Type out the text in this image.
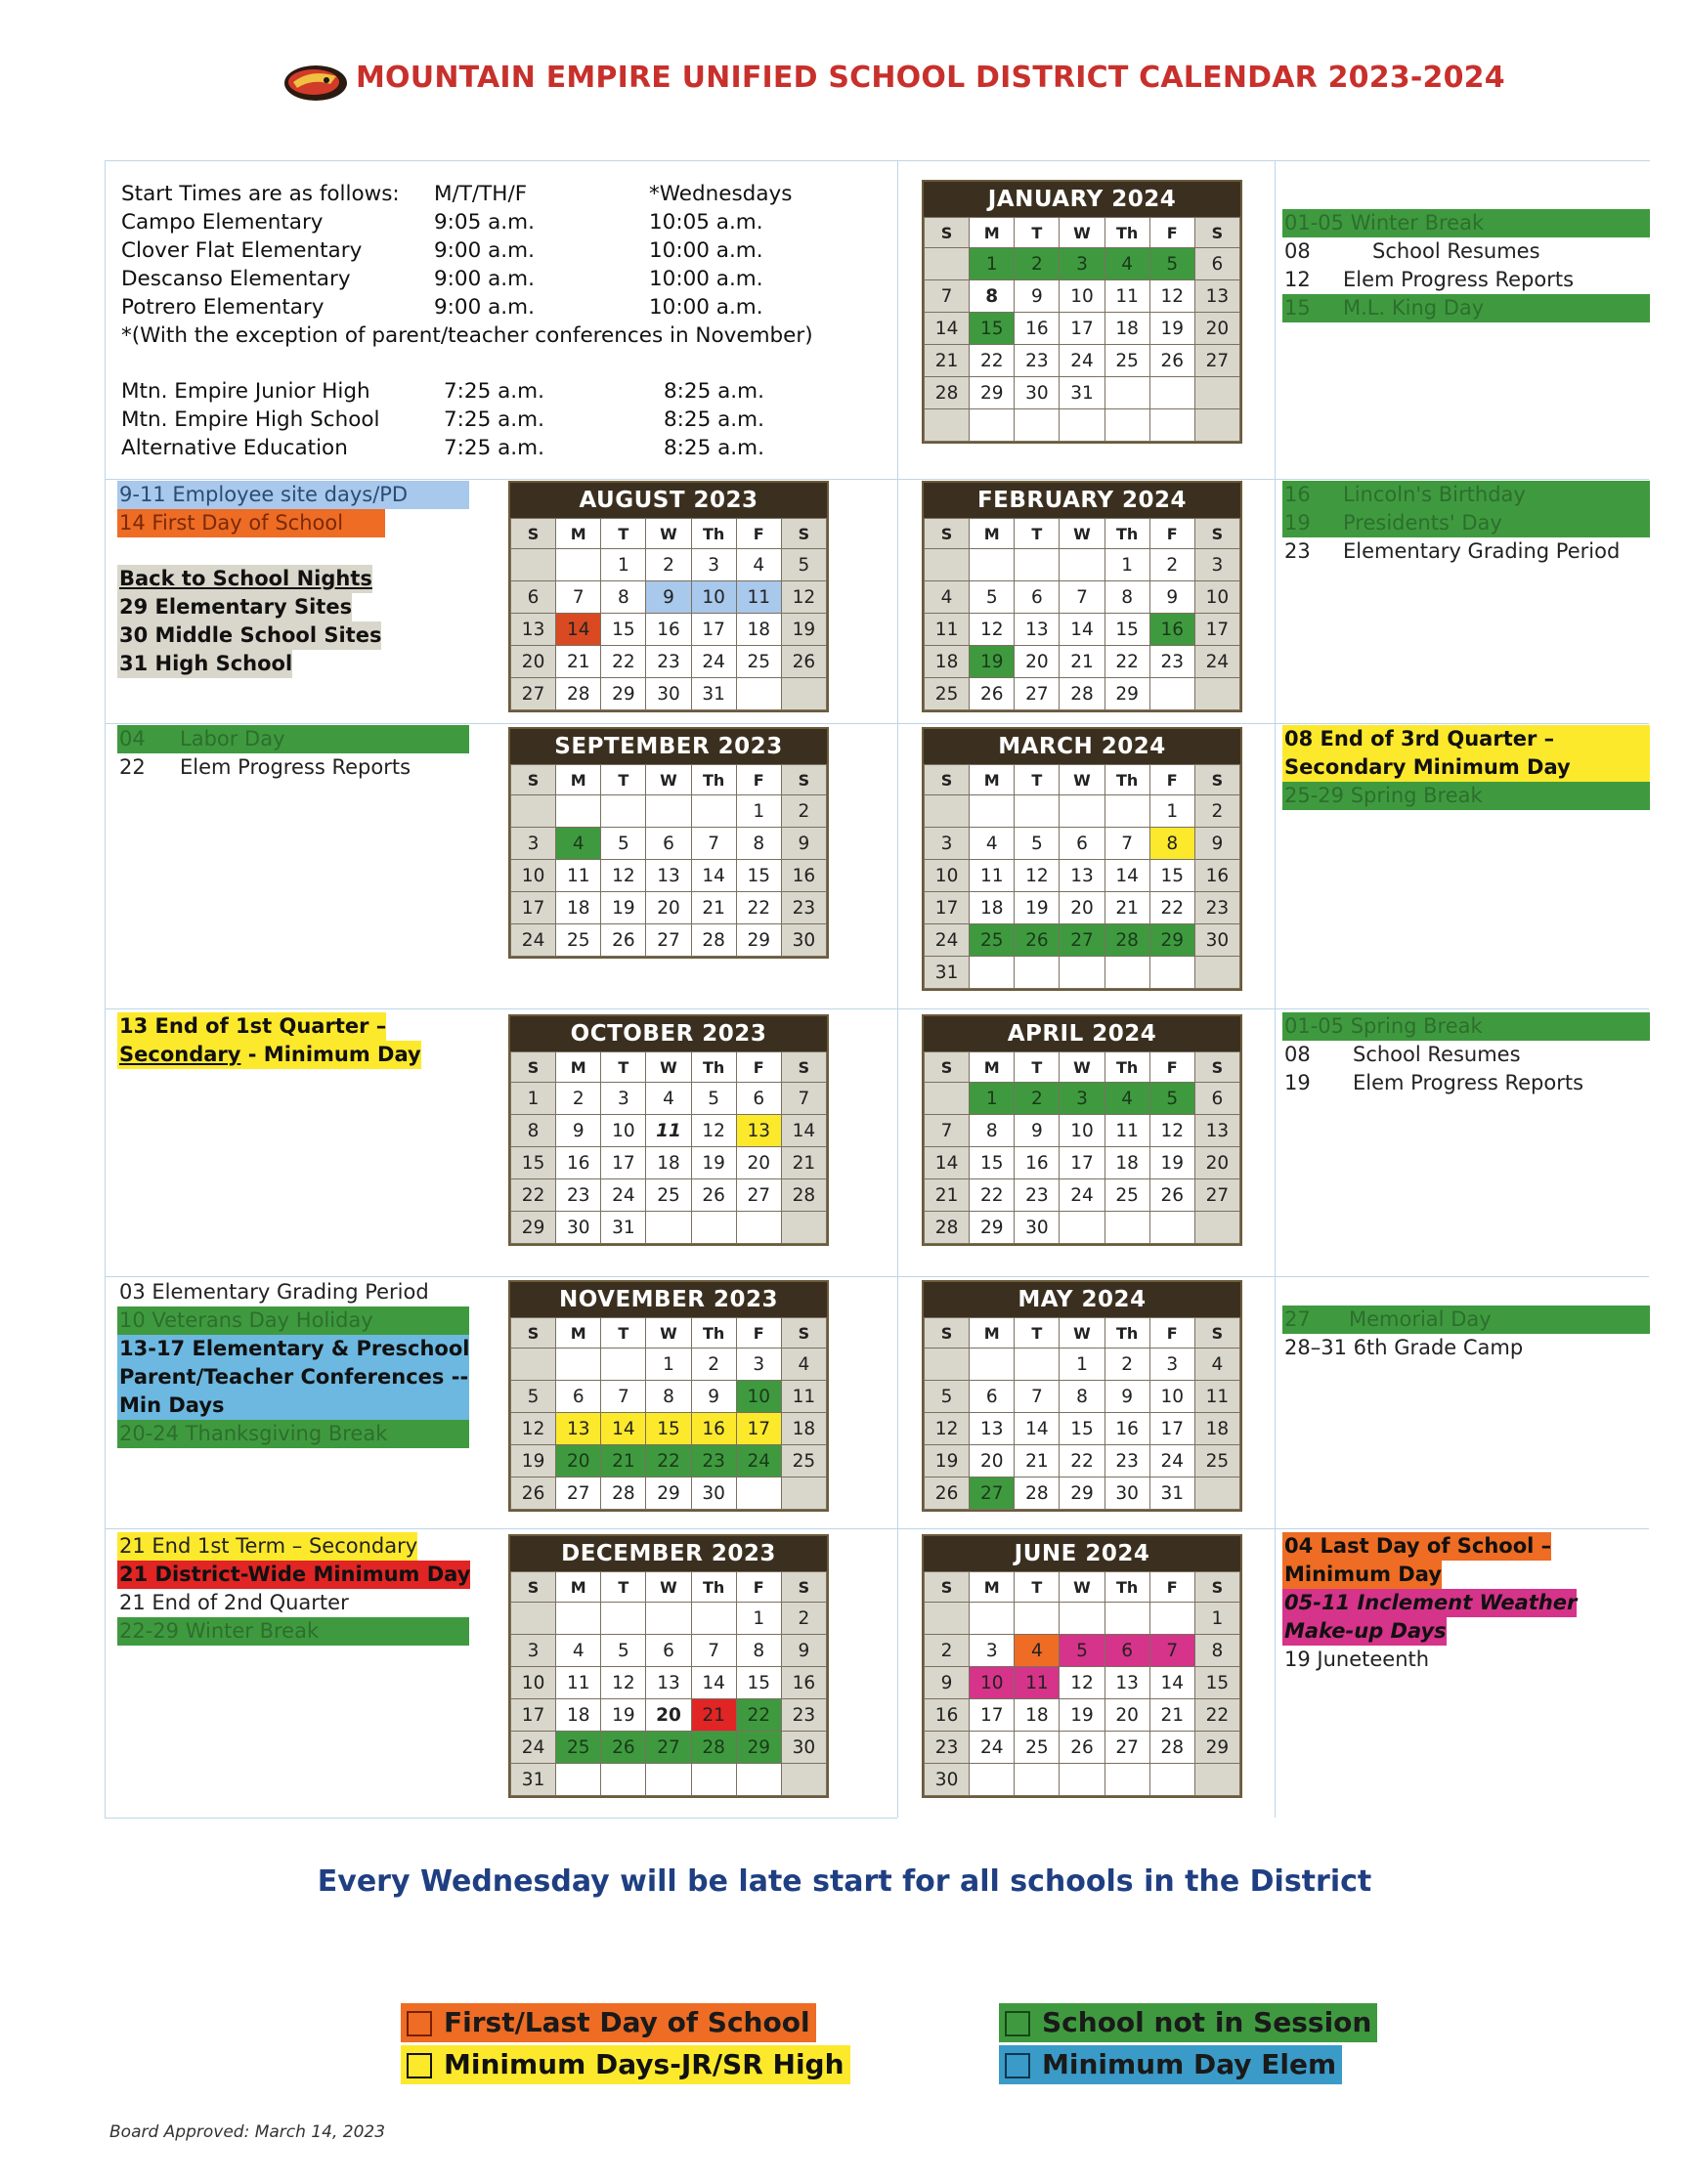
MOUNTAIN EMPIRE UNIFIED SCHOOL DISTRICT CALENDAR 2023-2024
Start Times are as follows: M/T/TH/F	*Wednesdays
Campo Elementary	9:05 a.m.	10:05 a.m.
Clover Flat Elementary	9:00 a.m.	10:00 a.m.
Descanso Elementary	9:00 a.m.	10:00 a.m.
Potrero Elementary	9:00 a.m.	10:00 a.m.
*(With the exception of parent/teacher conferences in November)
Mtn. Empire Junior High	7:25 a.m.	8:25 a.m.
Mtn. Empire High School	7:25 a.m.	8:25 a.m.
Alternative Education	7:25 a.m.	8:25 a.m.
JANUARY 2024
S	M	T	W	Th	F	S
	1	2	3	4	5	6
7	8	9	10	11	12	13
14	15	16	17	18	19	20
21	22	23	24	25	26	27
28	29	30	31			

AUGUST 2023
S	M	T	W	Th	F	S
		1	2	3	4	5
6	7	8	9	10	11	12
13	14	15	16	17	18	19
20	21	22	23	24	25	26
27	28	29	30	31		
FEBRUARY 2024
S	M	T	W	Th	F	S
				1	2	3
4	5	6	7	8	9	10
11	12	13	14	15	16	17
18	19	20	21	22	23	24
25	26	27	28	29		
SEPTEMBER 2023
S	M	T	W	Th	F	S
					1	2
3	4	5	6	7	8	9
10	11	12	13	14	15	16
17	18	19	20	21	22	23
24	25	26	27	28	29	30
MARCH 2024
S	M	T	W	Th	F	S
					1	2
3	4	5	6	7	8	9
10	11	12	13	14	15	16
17	18	19	20	21	22	23
24	25	26	27	28	29	30
31						
OCTOBER 2023
S	M	T	W	Th	F	S
1	2	3	4	5	6	7
8	9	10	11	12	13	14
15	16	17	18	19	20	21
22	23	24	25	26	27	28
29	30	31				
APRIL 2024
S	M	T	W	Th	F	S
	1	2	3	4	5	6
7	8	9	10	11	12	13
14	15	16	17	18	19	20
21	22	23	24	25	26	27
28	29	30				
NOVEMBER 2023
S	M	T	W	Th	F	S
			1	2	3	4
5	6	7	8	9	10	11
12	13	14	15	16	17	18
19	20	21	22	23	24	25
26	27	28	29	30		
MAY 2024
S	M	T	W	Th	F	S
			1	2	3	4
5	6	7	8	9	10	11
12	13	14	15	16	17	18
19	20	21	22	23	24	25
26	27	28	29	30	31	
DECEMBER 2023
S	M	T	W	Th	F	S
					1	2
3	4	5	6	7	8	9
10	11	12	13	14	15	16
17	18	19	20	21	22	23
24	25	26	27	28	29	30
31						
JUNE 2024
S	M	T	W	Th	F	S
						1
2	3	4	5	6	7	8
9	10	11	12	13	14	15
16	17	18	19	20	21	22
23	24	25	26	27	28	29
30						
01-05 Winter Break
08	School Resumes
12 Elem Progress Reports
15 M.L. King Day
9-11 Employee site days/PD 14 First Day of School
Back to School Nights
29 Elementary Sites
30 Middle School Sites
31 High School
16 Lincoln's Birthday
19 Presidents' Day
23 Elementary Grading Period
04 Labor Day
22 Elem Progress Reports
08 End of 3rd Quarter –
Secondary Minimum Day
25-29 Spring Break
13 End of 1st Quarter –
Secondary - Minimum Day
01-05 Spring Break
08 School Resumes
19 Elem Progress Reports
03 Elementary Grading Period
10 Veterans Day Holiday
13-17 Elementary & Preschool
Parent/Teacher Conferences --
Min Days
20-24 Thanksgiving Break
27 Memorial Day
28–31 6th Grade Camp
21 End 1st Term – Secondary
21 District-Wide Minimum Day

21 End of 2nd Quarter
22-29 Winter Break
04 Last Day of School –
Minimum Day
05-11 Inclement Weather
Make-up Days
19 Juneteenth
Every Wednesday will be late start for all schools in the District
First/Last Day of School
Minimum Days-JR/SR High
School not in Session
Minimum Day Elem
Board Approved: March 14, 2023
